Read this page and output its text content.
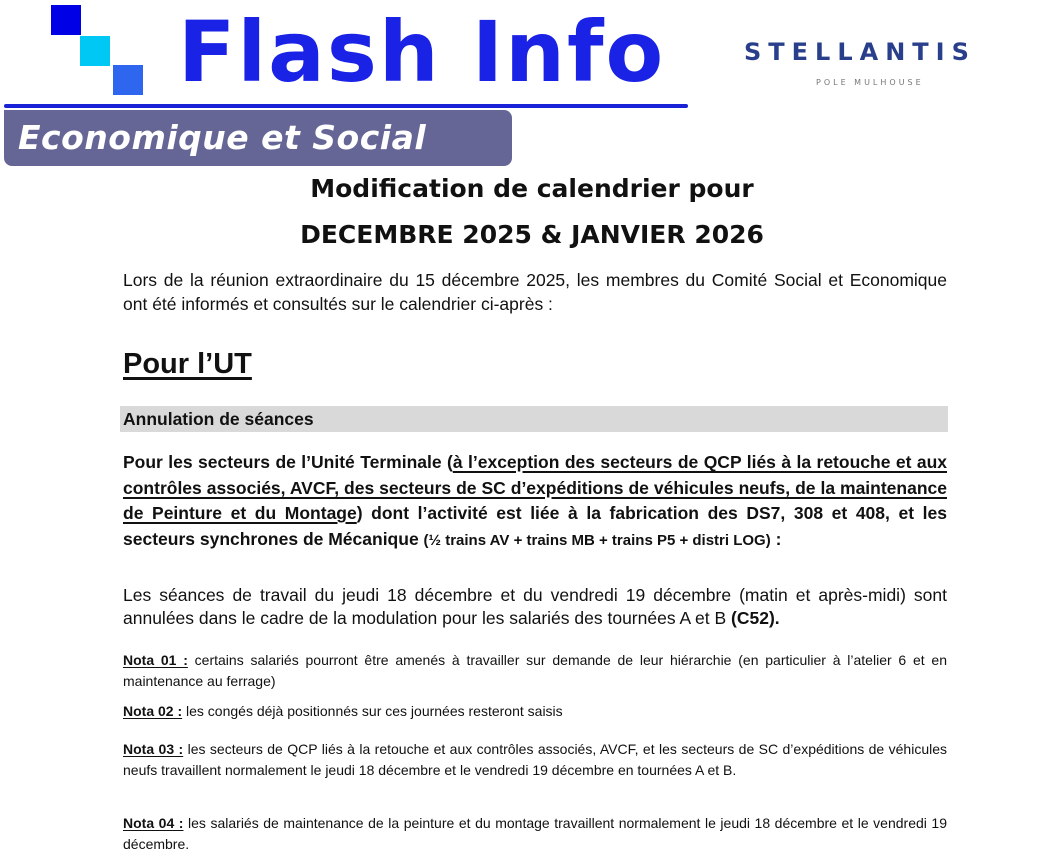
Flash Info
Economique et Social
STELLANTIS
POLE MULHOUSE
Modification de calendrier pour
DECEMBRE 2025 & JANVIER 2026
Lors de la réunion extraordinaire du 15 décembre 2025, les membres du Comité Social et Economique ont été informés et consultés sur le calendrier ci-après :
Pour l’UT
Annulation de séances
Pour les secteurs de l’Unité Terminale (à l’exception des secteurs de QCP liés à la retouche et aux contrôles associés, AVCF, des secteurs de SC d’expéditions de véhicules neufs, de la maintenance de Peinture et du Montage) dont l’activité est liée à la fabrication des DS7, 308 et 408, et les secteurs synchrones de Mécanique (½ trains AV + trains MB + trains P5 + distri LOG) :
Les séances de travail du jeudi 18 décembre et du vendredi 19 décembre (matin et après-midi) sont annulées dans le cadre de la modulation pour les salariés des tournées A et B (C52).
Nota 01 : certains salariés pourront être amenés à travailler sur demande de leur hiérarchie (en particulier à l’atelier 6 et en maintenance au ferrage)
Nota 02 : les congés déjà positionnés sur ces journées resteront saisis
Nota 03 : les secteurs de QCP liés à la retouche et aux contrôles associés, AVCF, et les secteurs de SC d’expéditions de véhicules neufs travaillent normalement le jeudi 18 décembre et le vendredi 19 décembre en tournées A et B.
Nota 04 : les salariés de maintenance de la peinture et du montage travaillent normalement le jeudi 18 décembre et le vendredi 19 décembre.
